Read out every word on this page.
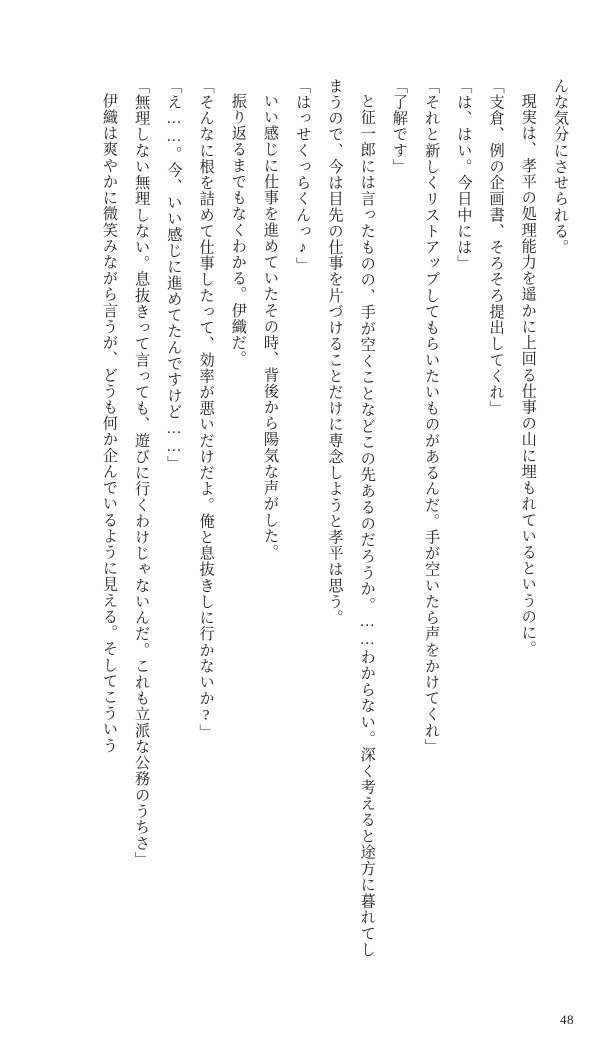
んな気分にさせられる。

現実は、孝平の処理能力を遥かに上回る仕事の山に埋もれているというのに。

「支倉、例の企画書、そろそろ提出してくれ」

「は、はい。今日中には」

「それと新しくリストアップしてもらいたいものがあるんだ。手が空いたら声をかけてくれ」

「了解です」

と征一郎には言ったものの、手が空くことなどこの先あるのだろうか。……わからない。深く考えると途方に暮れてしまうので、今は目先の仕事を片づけることだけに専念しようと孝平は思う。

「はっせくっらくんっ♪」

いい感じに仕事を進めていたその時、背後から陽気な声がした。

振り返るまでもなくわかる。伊織だ。

「そんなに根を詰めて仕事したって、効率が悪いだけだよ。俺と息抜きしに行かないか?」

「え……。今、いい感じに進めてたんですけど……」

「無理しない無理しない。息抜きって言っても、遊びに行くわけじゃないんだ。これも立派な公務のうちさ」

伊織は爽やかに微笑みながら言うが、どうも何か企んでいるように見える。そしてこういう

48
